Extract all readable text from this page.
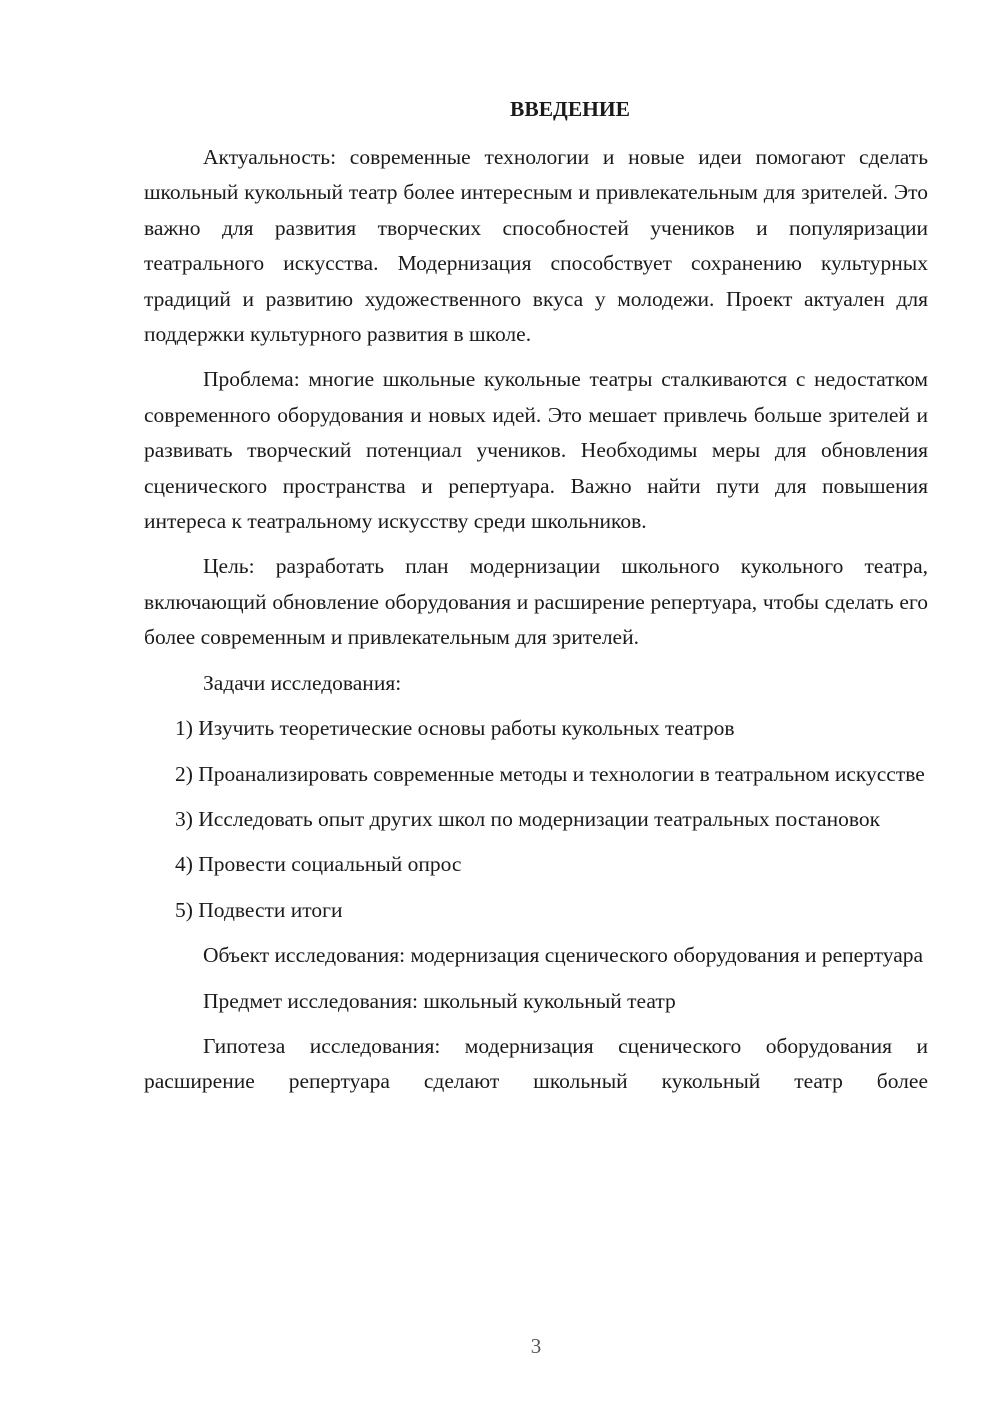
ВВЕДЕНИЕ

Актуальность: современные технологии и новые идеи помогают сделать школьный кукольный театр более интересным и привлекательным для зрителей. Это важно для развития творческих способностей учеников и популяризации театрального искусства. Модернизация способствует сохранению культурных традиций и развитию художественного вкуса у молодежи. Проект актуален для поддержки культурного развития в школе.

Проблема: многие школьные кукольные театры сталкиваются с недостатком современного оборудования и новых идей. Это мешает привлечь больше зрителей и развивать творческий потенциал учеников. Необходимы меры для обновления сценического пространства и репертуара. Важно найти пути для повышения интереса к театральному искусству среди школьников.

Цель: разработать план модернизации школьного кукольного театра, включающий обновление оборудования и расширение репертуара, чтобы сделать его более современным и привлекательным для зрителей.

Задачи исследования:

1) Изучить теоретические основы работы кукольных театров

2) Проанализировать современные методы и технологии в театральном искусстве

3) Исследовать опыт других школ по модернизации театральных постановок

4) Провести социальный опрос

5) Подвести итоги

Объект исследования: модернизация сценического оборудования и репертуара

Предмет исследования: школьный кукольный театр

Гипотеза исследования: модернизация сценического оборудования и расширение репертуара сделают школьный кукольный театр более

3
